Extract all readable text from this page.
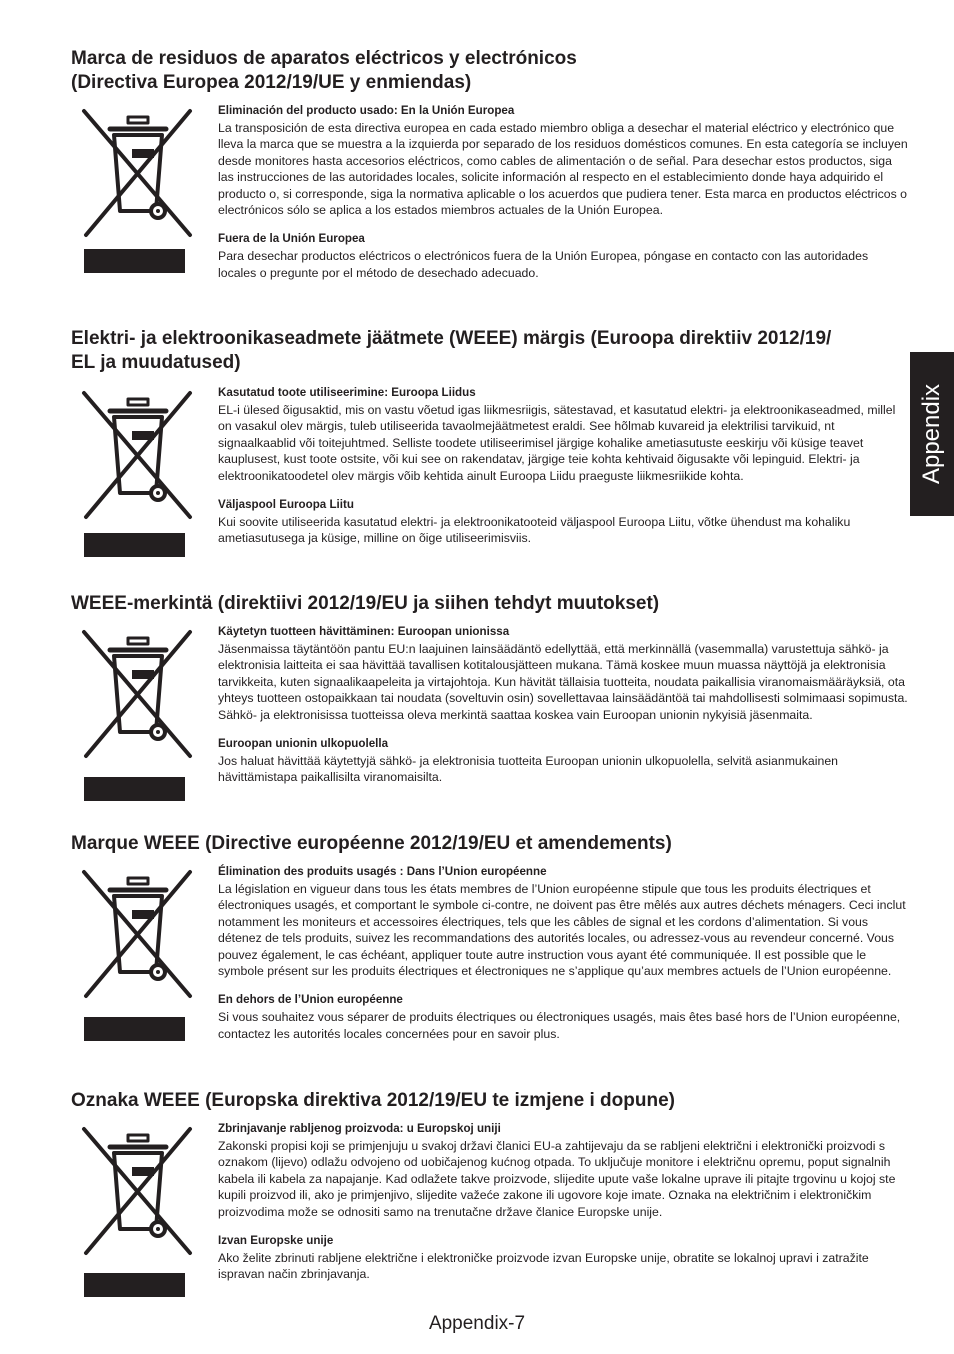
Marca de residuos de aparatos eléctricos y electrónicos
(Directiva Europea 2012/19/UE y enmiendas)

Eliminación del producto usado: En la Unión Europea

La transposición de esta directiva europea en cada estado miembro obliga a desechar el material eléctrico y electrónico que lleva la marca que se muestra a la izquierda por separado de los residuos domésticos comunes. En esta categoría se incluyen desde monitores hasta accesorios eléctricos, como cables de alimentación o de señal. Para desechar estos productos, siga las instrucciones de las autoridades locales, solicite información al respecto en el establecimiento donde haya adquirido el producto o, si corresponde, siga la normativa aplicable o los acuerdos que pudiera tener. Esta marca en productos eléctricos o electrónicos sólo se aplica a los estados miembros actuales de la Unión Europea.

Fuera de la Unión Europea

Para desechar productos eléctricos o electrónicos fuera de la Unión Europea, póngase en contacto con las autoridades locales o pregunte por el método de desechado adecuado.

Elektri- ja elektroonikaseadmete jäätmete (WEEE) märgis (Euroopa direktiiv 2012/19/
EL ja muudatused)

Kasutatud toote utiliseerimine: Euroopa Liidus

EL-i ülesed õigusaktid, mis on vastu võetud igas liikmesriigis, sätestavad, et kasutatud elektri- ja elektroonikaseadmed, millel on vasakul olev märgis, tuleb utiliseerida tavaolmejäätmetest eraldi. See hõlmab kuvareid ja elektrilisi tarvikuid, nt signaalkaablid või toitejuhtmed. Selliste toodete utiliseerimisel järgige kohalike ametiasutuste eeskirju või küsige teavet kauplusest, kust toote ostsite, või kui see on rakendatav, järgige teie kohta kehtivaid õigusakte või lepinguid. Elektri- ja elektroonikatoodetel olev märgis võib kehtida ainult Euroopa Liidu praeguste liikmesriikide kohta.

Väljaspool Euroopa Liitu

Kui soovite utiliseerida kasutatud elektri- ja elektroonikatooteid väljaspool Euroopa Liitu, võtke ühendust ma kohaliku ametiasutusega ja küsige, milline on õige utiliseerimisviis.

WEEE-merkintä (direktiivi 2012/19/EU ja siihen tehdyt muutokset)

Käytetyn tuotteen hävittäminen: Euroopan unionissa

Jäsenmaissa täytäntöön pantu EU:n laajuinen lainsäädäntö edellyttää, että merkinnällä (vasemmalla) varustettuja sähkö- ja elektronisia laitteita ei saa hävittää tavallisen kotitalousjätteen mukana. Tämä koskee muun muassa näyttöjä ja elektronisia tarvikkeita, kuten signaalikaapeleita ja virtajohtoja. Kun hävität tällaisia tuotteita, noudata paikallisia viranomaismääräyksiä, ota yhteys tuotteen ostopaikkaan tai noudata (soveltuvin osin) sovellettavaa lainsäädäntöä tai mahdollisesti solmimaasi sopimusta. Sähkö- ja elektronisissa tuotteissa oleva merkintä saattaa koskea vain Euroopan unionin nykyisiä jäsenmaita.

Euroopan unionin ulkopuolella

Jos haluat hävittää käytettyjä sähkö- ja elektronisia tuotteita Euroopan unionin ulkopuolella, selvitä asianmukainen hävittämistapa paikallisilta viranomaisilta.

Marque WEEE (Directive européenne 2012/19/EU et amendements)

Élimination des produits usagés : Dans l’Union européenne

La législation en vigueur dans tous les états membres de l’Union européenne stipule que tous les produits électriques et électroniques usagés, et comportant le symbole ci-contre, ne doivent pas être mêlés aux autres déchets ménagers. Ceci inclut notamment les moniteurs et accessoires électriques, tels que les câbles de signal et les cordons d’alimentation. Si vous détenez de tels produits, suivez les recommandations des autorités locales, ou adressez-vous au revendeur concerné. Vous pouvez également, le cas échéant, appliquer toute autre instruction vous ayant été communiquée. Il est possible que le symbole présent sur les produits électriques et électroniques ne s’applique qu’aux membres actuels de l’Union européenne.

En dehors de l’Union européenne

Si vous souhaitez vous séparer de produits électriques ou électroniques usagés, mais êtes basé hors de l’Union européenne, contactez les autorités locales concernées pour en savoir plus.

Oznaka WEEE (Europska direktiva 2012/19/EU te izmjene i dopune)

Zbrinjavanje rabljenog proizvoda: u Europskoj uniji

Zakonski propisi koji se primjenjuju u svakoj državi članici EU-a zahtijevaju da se rabljeni električni i elektronički proizvodi s oznakom (lijevo) odlažu odvojeno od uobičajenog kućnog otpada. To uključuje monitore i električnu opremu, poput signalnih kabela ili kabela za napajanje. Kad odlažete takve proizvode, slijedite upute vaše lokalne uprave ili pitajte trgovinu u kojoj ste kupili proizvod ili, ako je primjenjivo, slijedite važeće zakone ili ugovore koje imate. Oznaka na električnim i elektroničkim proizvodima može se odnositi samo na trenutačne države članice Europske unije.

Izvan Europske unije

Ako želite zbrinuti rabljene električne i elektroničke proizvode izvan Europske unije, obratite se lokalnoj upravi i zatražite ispravan način zbrinjavanja.

Appendix
Appendix-7
